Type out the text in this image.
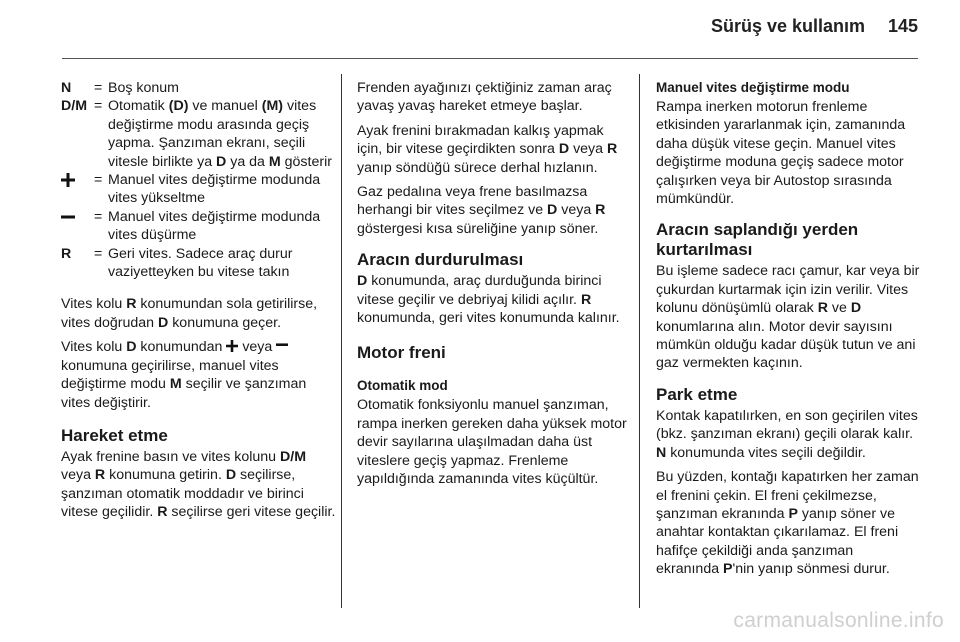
Sürüş ve kullanım 145
N	= Boş konum
D/M = Otomatik (D) ve manuel (M) vites değiştirme modu arasında geçiş yapma. Şanzıman ekranı, seçili vitesle birlikte ya D ya da M gösterir
= Manuel vites değiştirme modunda vites yükseltme
= Manuel vites değiştirme modunda vites düşürme
R	= Geri vites. Sadece araç durur vaziyetteyken bu vitese takın

Vites kolu R konumundan sola getirilirse, vites doğrudan D konumuna geçer.

Vites kolu D konumundan  veya  konumuna geçirilirse, manuel vites değiştirme modu M seçilir ve şanzıman vites değiştirir.

Hareket etme

Ayak frenine basın ve vites kolunu D/M veya R konumuna getirin. D seçilirse, şanzıman otomatik moddadır ve birinci vitese geçilidir. R seçilirse geri vitese geçilir.

Frenden ayağınızı çektiğiniz zaman araç yavaş yavaş hareket etmeye başlar.

Ayak frenini bırakmadan kalkış yapmak için, bir vitese geçirdikten sonra D veya R yanıp söndüğü sürece derhal hızlanın.

Gaz pedalına veya frene basılmazsa herhangi bir vites seçilmez ve D veya R göstergesi kısa süreliğine yanıp söner.

Aracın durdurulması

D konumunda, araç durduğunda birinci vitese geçilir ve debriyaj kilidi açılır. R konumunda, geri vites konumunda kalınır.

Motor freni
Otomatik mod

Otomatik fonksiyonlu manuel şanzıman, rampa inerken gereken daha yüksek motor devir sayılarına ulaşılmadan daha üst viteslere geçiş yapmaz. Frenleme yapıldığında zamanında vites küçültür.

Manuel vites değiştirme modu

Rampa inerken motorun frenleme etkisinden yararlanmak için, zamanında daha düşük vitese geçin. Manuel vites değiştirme moduna geçiş sadece motor çalışırken veya bir Autostop sırasında mümkündür.

Aracın saplandığı yerden kurtarılması

Bu işleme sadece racı çamur, kar veya bir çukurdan kurtarmak için izin verilir. Vites kolunu dönüşümlü olarak R ve D konumlarına alın. Motor devir sayısını mümkün olduğu kadar düşük tutun ve ani gaz vermekten kaçının.

Park etme

Kontak kapatılırken, en son geçirilen vites (bkz. şanzıman ekranı) geçili olarak kalır. N konumunda vites seçili değildir.

Bu yüzden, kontağı kapatırken her zaman el frenini çekin. El freni çekilmezse, şanzıman ekranında P yanıp söner ve anahtar kontaktan çıkarılamaz. El freni hafifçe çekildiği anda şanzıman ekranında P'nin yanıp sönmesi durur.

carmanualsonline.info
